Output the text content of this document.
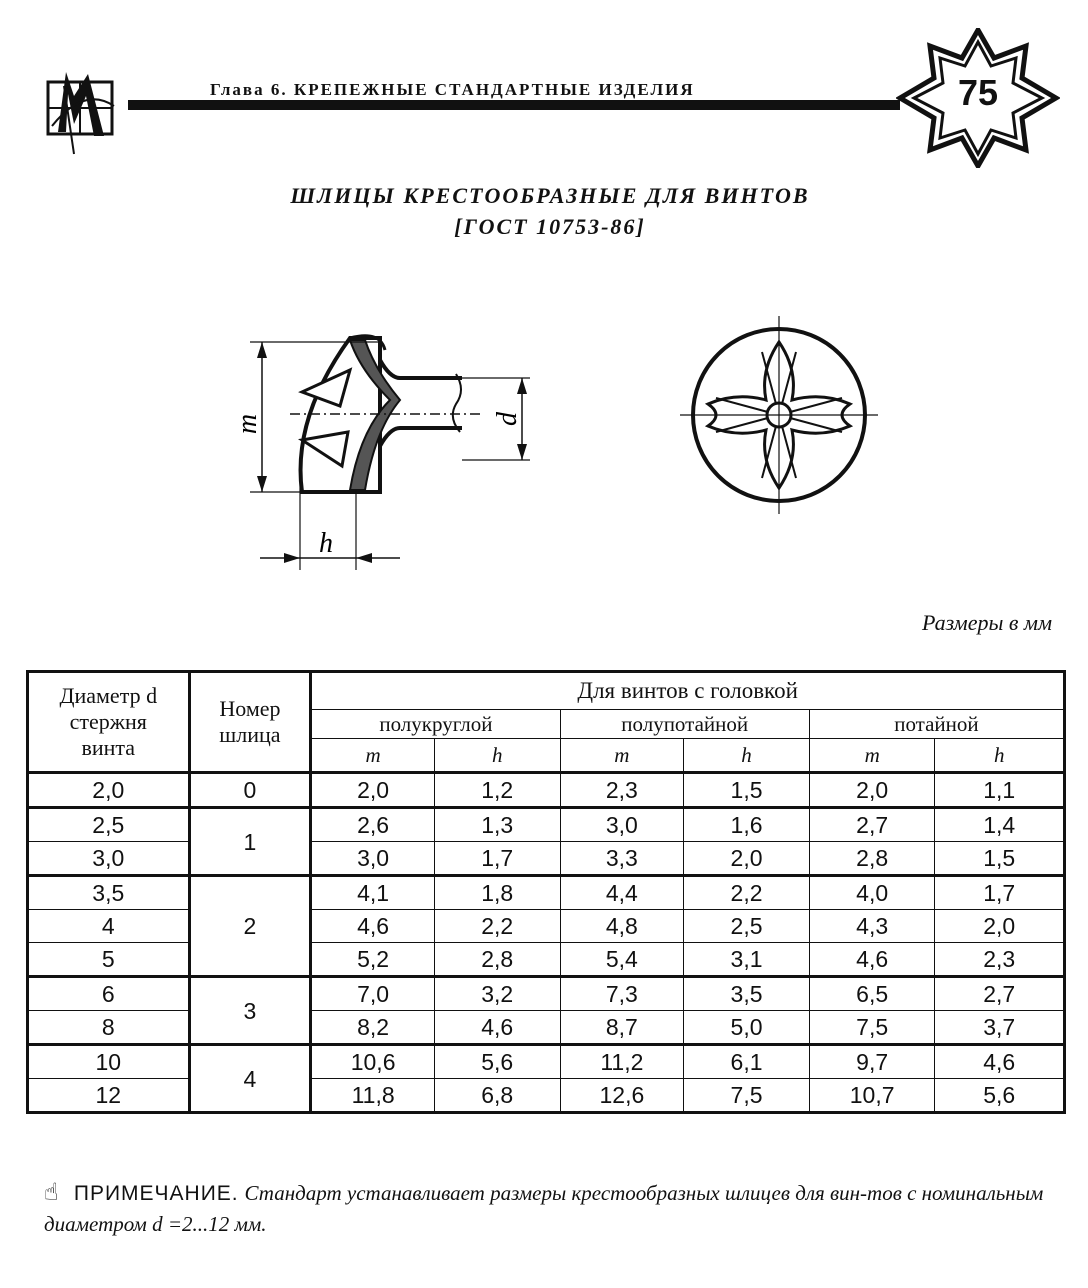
Глава 6. КРЕПЕЖНЫЕ СТАНДАРТНЫЕ ИЗДЕЛИЯ	75
ШЛИЦЫ КРЕСТООБРАЗНЫЕ ДЛЯ ВИНТОВ
[ГОСТ 10753-86]
m	d
h
Размеры в мм
Диаметр d
стержня
винта	Номер
шлица	Для винтов с головкой					
		полукруглой		полупотайной		потайной	
		m	h	m	h	m	h
2,0	0	2,0	1,2	2,3	1,5	2,0	1,1
2,5	1	2,6	1,3	3,0	1,6	2,7	1,4
3,0		3,0	1,7	3,3	2,0	2,8	1,5
3,5	2	4,1	1,8	4,4	2,2	4,0	1,7
4		4,6	2,2	4,8	2,5	4,3	2,0
5		5,2	2,8	5,4	3,1	4,6	2,3
6	3	7,0	3,2	7,3	3,5	6,5	2,7
8		8,2	4,6	8,7	5,0	7,5	3,7
10	4	10,6	5,6	11,2	6,1	9,7	4,6
12		11,8	6,8	12,6	7,5	10,7	5,6
☝ ПРИМЕЧАНИЕ. Стандарт устанавливает размеры крестообразных шлицев для вин-тов с номинальным диаметром d =2...12 мм.
